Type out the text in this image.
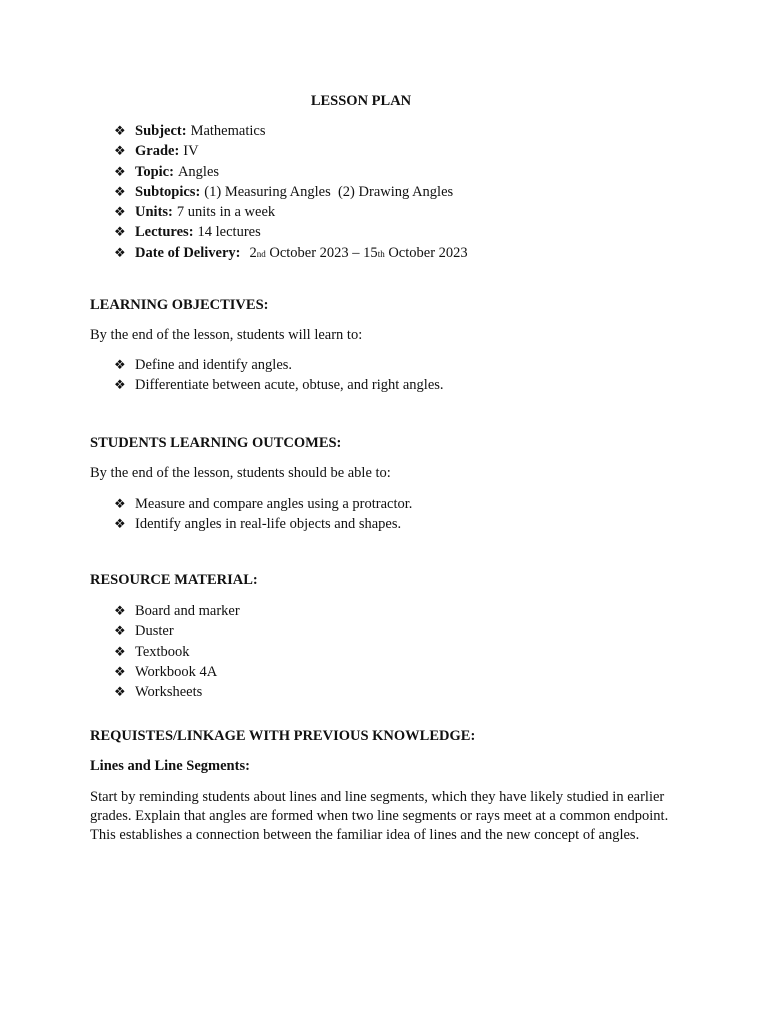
LESSON PLAN
❖ Subject: Mathematics
❖ Grade: IV
❖ Topic: Angles
❖ Subtopics: (1) Measuring Angles  (2) Drawing Angles
❖ Units: 7 units in a week
❖ Lectures: 14 lectures
❖ Date of Delivery: 2 nd
October 2023 – 15 th
October 2023
LEARNING OBJECTIVES:
By the end of the lesson, students will learn to:
❖ Define and identify angles.
❖ Differentiate between acute, obtuse, and right angles.
STUDENTS LEARNING OUTCOMES:
By the end of the lesson, students should be able to:
❖ Measure and compare angles using a protractor.
❖ Identify angles in real-life objects and shapes.
RESOURCE MATERIAL:
❖ Board and marker
❖ Duster
❖ Textbook
❖ Workbook 4A
❖ Worksheets
REQUISTES/LINKAGE WITH PREVIOUS KNOWLEDGE:
Lines and Line Segments:
Start by reminding students about lines and line segments, which they have likely studied in earlier grades. Explain that angles are formed when two line segments or rays meet at a common endpoint. This establishes a connection between the familiar idea of lines and the new concept of angles.
